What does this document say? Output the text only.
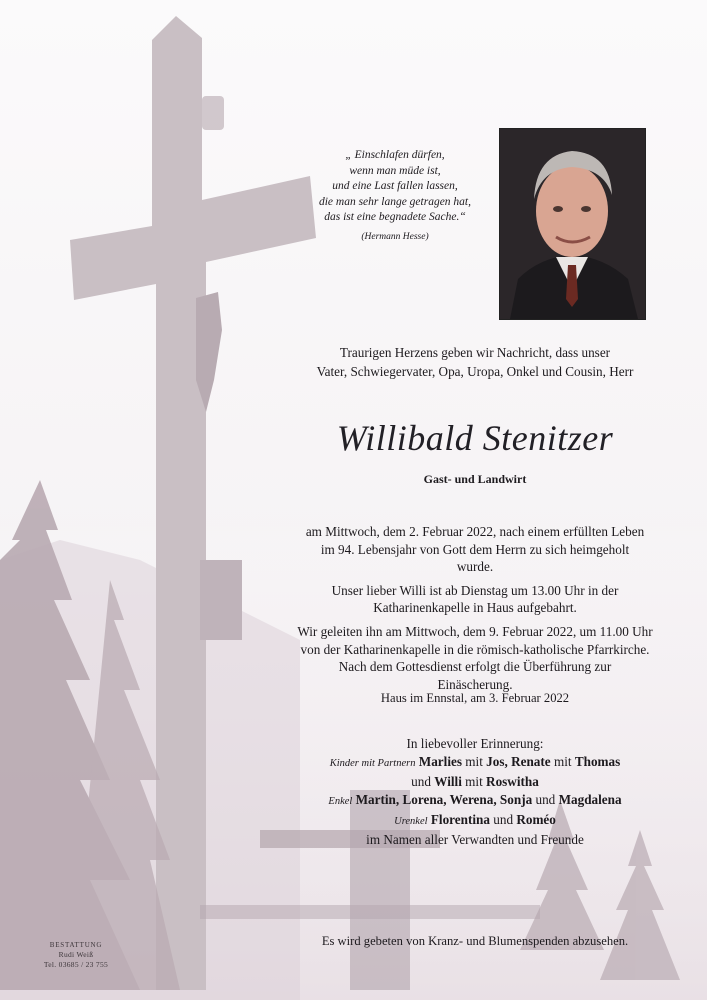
„ Einschlafen dürfen,
wenn man müde ist,
und eine Last fallen lassen,
die man sehr lange getragen hat,
das ist eine begnadete Sache.“
(Hermann Hesse)
Traurigen Herzens geben wir Nachricht, dass unser
Vater, Schwiegervater, Opa, Uropa, Onkel und Cousin, Herr
Willibald Stenitzer
Gast- und Landwirt

am Mittwoch, dem 2. Februar 2022, nach einem erfüllten Leben
im 94. Lebensjahr von Gott dem Herrn zu sich heimgeholt
wurde.

Unser lieber Willi ist ab Dienstag um 13.00 Uhr in der
Katharinenkapelle in Haus aufgebahrt.

Wir geleiten ihn am Mittwoch, dem 9. Februar 2022, um 11.00 Uhr
von der Katharinenkapelle in die römisch-katholische Pfarrkirche.
Nach dem Gottesdienst erfolgt die Überführung zur
Einäscherung.

Haus im Ennstal, am 3. Februar 2022
In liebevoller Erinnerung:
Kinder mit Partnern Marlies mit Jos, Renate mit Thomas
und Willi mit Roswitha
Enkel Martin, Lorena, Werena, Sonja und Magdalena
Urenkel Florentina und Roméo
im Namen aller Verwandten und Freunde
Es wird gebeten von Kranz- und Blumenspenden abzusehen.
BESTATTUNG
Rudi Weiß
Tel. 03685 / 23 755
